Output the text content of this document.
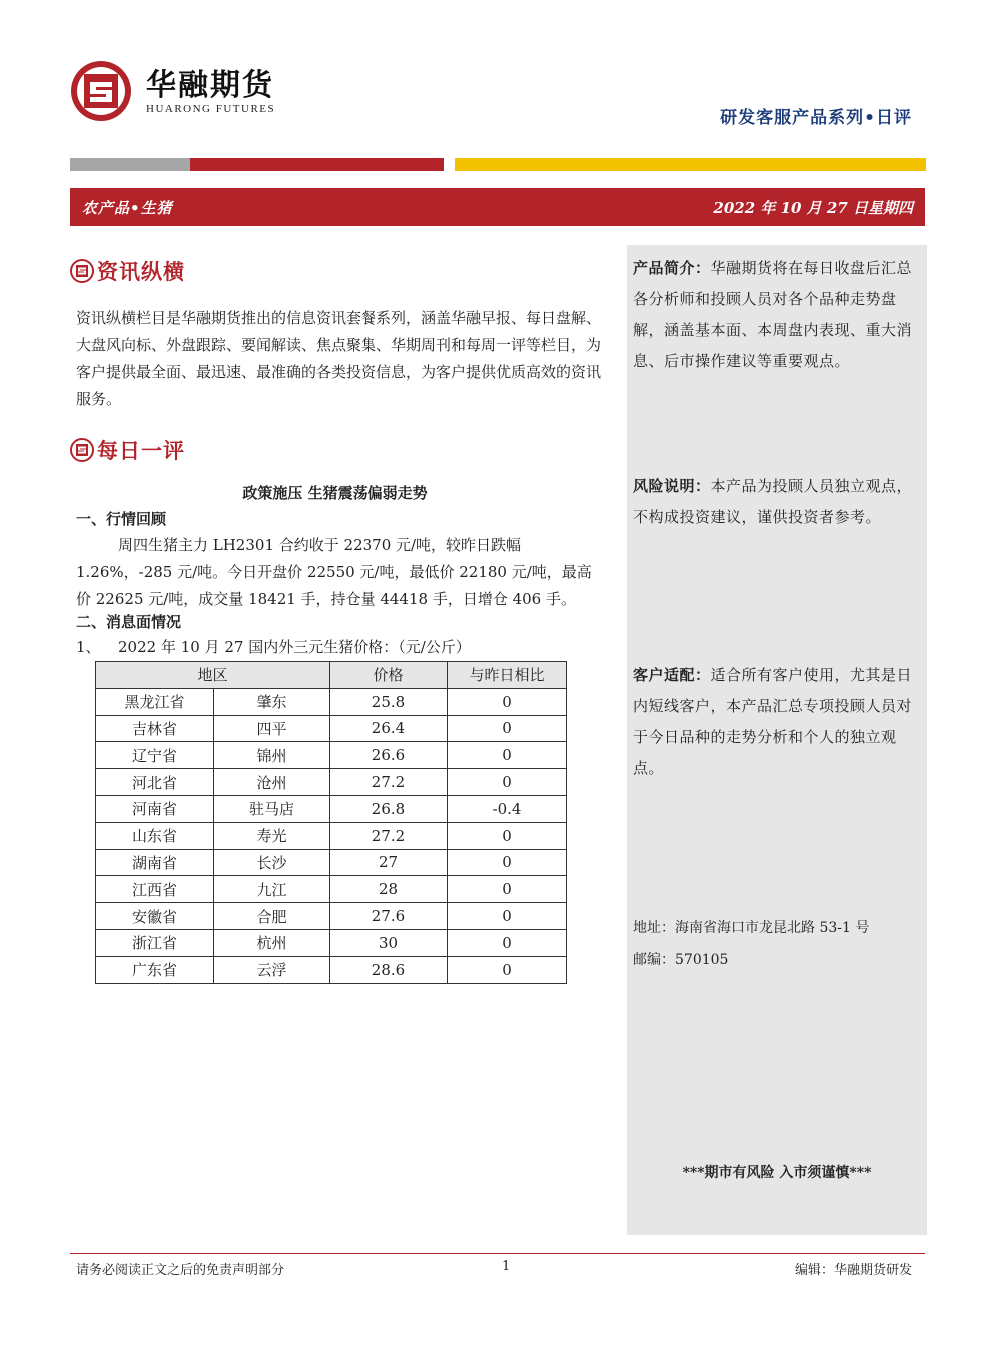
华融期货
HUARONG FUTURES	研发客服产品系列•日评
农产品•生猪	2022 年 10 月 27 日星期四
产品简介：华融期货将在每日收盘后汇总各分析师和投顾人员对各个品种走势盘解，涵盖基本面、本周盘内表现、重大消息、后市操作建议等重要观点。
风险说明：本产品为投顾人员独立观点，不构成投资建议，谨供投资者参考。
客户适配：适合所有客户使用，尤其是日内短线客户，本产品汇总专项投顾人员对于今日品种的走势分析和个人的独立观点。
地址：海南省海口市龙昆北路 53-1 号
邮编：570105
***期市有风险 入市须谨慎***
资讯纵横
资讯纵横栏目是华融期货推出的信息资讯套餐系列，涵盖华融早报、每日盘解、大盘风向标、外盘跟踪、要闻解读、焦点聚集、华期周刊和每周一评等栏目，为客户提供最全面、最迅速、最准确的各类投资信息，为客户提供优质高效的资讯服务。
每日一评
政策施压 生猪震荡偏弱走势
一、行情回顾
周四生猪主力 LH2301 合约收于 22370 元/吨，较昨日跌幅 1.26%，-285 元/吨。今日开盘价 22550 元/吨，最低价 22180 元/吨，最高价 22625 元/吨，成交量 18421 手，持仓量 44418 手，日增仓 406 手。
二、消息面情况
1、 2022 年 10 月 27 国内外三元生猪价格：（元/公斤）
地区		价格	与昨日相比
黑龙江省	肇东	25.8	0
吉林省	四平	26.4	0
辽宁省	锦州	26.6	0
河北省	沧州	27.2	0
河南省	驻马店	26.8	-0.4
山东省	寿光	27.2	0
湖南省	长沙	27	0
江西省	九江	28	0
安徽省	合肥	27.6	0
浙江省	杭州	30	0
广东省	云浮	28.6	0
请务必阅读正文之后的免责声明部分	1	编辑：华融期货研发
